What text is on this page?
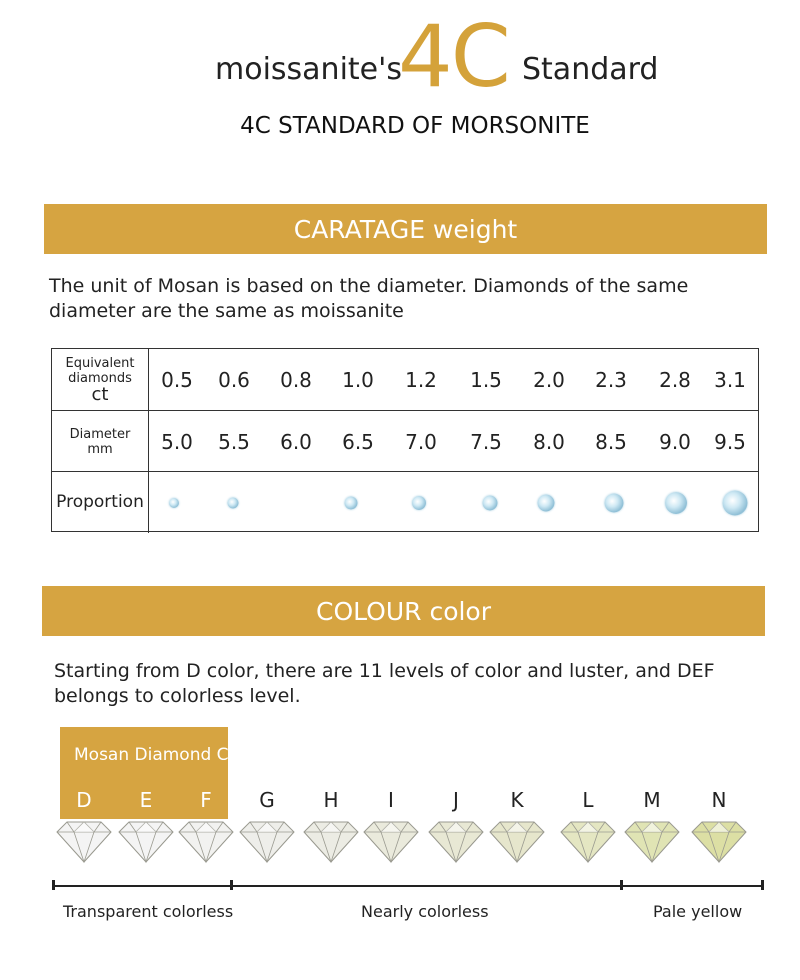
moissanite's
4C Standard
4C STANDARD OF MORSONITE
CARATAGE weight
The unit of Mosan is based on the diameter. Diamonds of the same diameter are the same as moissanite
Equivalent
diamonds
ct
0.5	0.6	0.8	1.0	1.2	1.5	2.0	2.3	2.8	3.1
Diameter
mm	5.0	5.5	6.0	6.5	7.0	7.5	8.0	8.5	9.0	9.5
Proportion
COLOUR color
Starting from D color, there are 11 levels of color and luster, and DEF belongs to colorless level.
Mosan Diamond Color
D	E	F	G	H	I	J	K	L	M	N
Transparent colorless	Nearly colorless	Pale yellow
